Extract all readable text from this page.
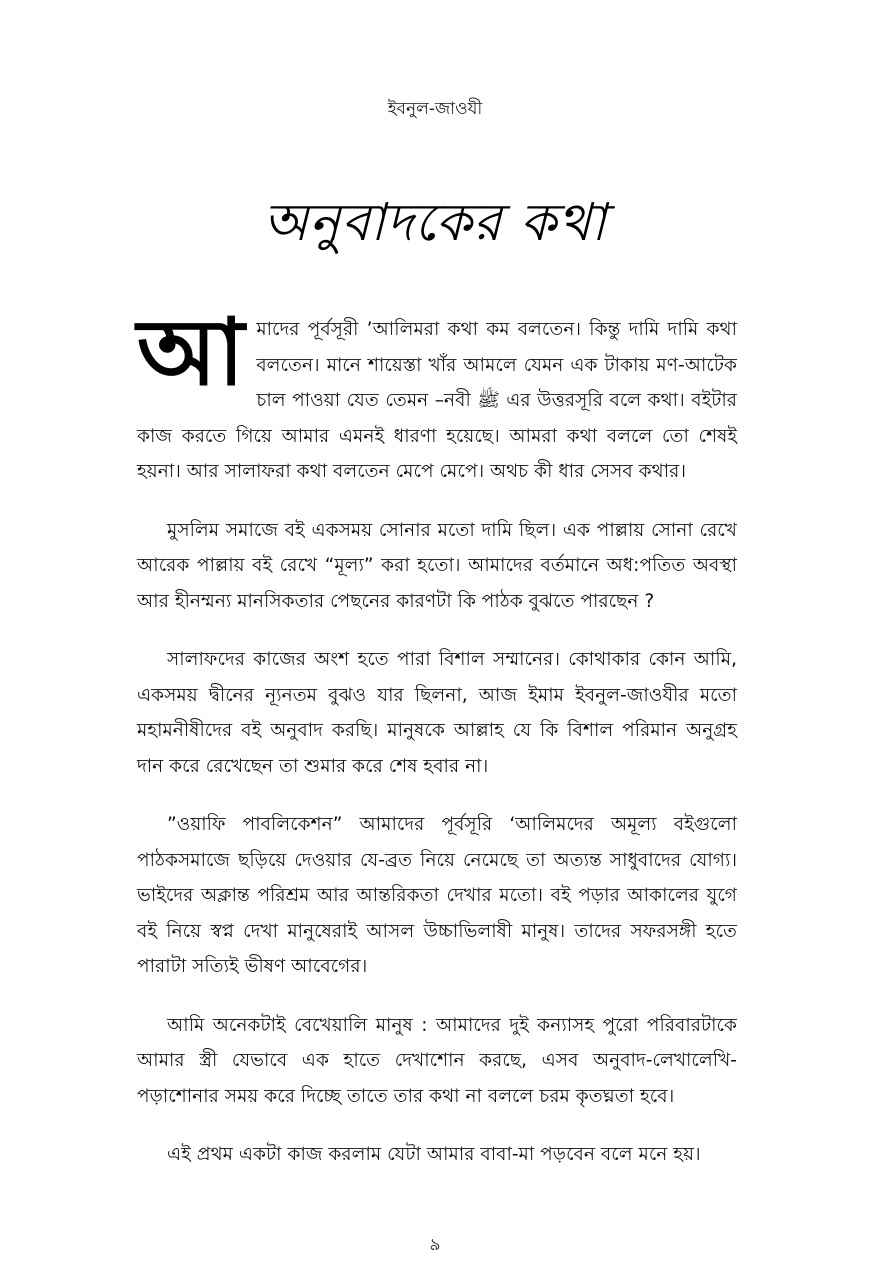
ইবনুল-জাওযী
অনুবাদকের কথা

আমাদের পূর্বসূরী ’আলিমরা কথা কম বলতেন। কিন্তু দামি দামি কথা বলতেন। মানে শায়েস্তা খাঁর আমলে যেমন এক টাকায় মণ-আটেক চাল পাওয়া যেত তেমন –নবী ﷺ এর উত্তরসূরি বলে কথা। বইটার কাজ করতে গিয়ে আমার এমনই ধারণা হয়েছে। আমরা কথা বললে তো শেষই হয়না। আর সালাফরা কথা বলতেন মেপে মেপে। অথচ কী ধার সেসব কথার।

মুসলিম সমাজে বই একসময় সোনার মতো দামি ছিল। এক পাল্লায় সোনা রেখে আরেক পাল্লায় বই রেখে “মূল্য” করা হতো। আমাদের বর্তমানে অধ:পতিত অবস্থা আর হীনম্মন্য মানসিকতার পেছনের কারণটা কি পাঠক বুঝতে পারছেন ?

সালাফদের কাজের অংশ হতে পারা বিশাল সম্মানের। কোথাকার কোন আমি, একসময় দ্বীনের ন্যূনতম বুঝও যার ছিলনা, আজ ইমাম ইবনুল-জাওযীর মতো মহামনীষীদের বই অনুবাদ করছি। মানুষকে আল্লাহ যে কি বিশাল পরিমান অনুগ্রহ দান করে রেখেছেন তা শুমার করে শেষ হবার না।

”ওয়াফি পাবলিকেশন” আমাদের পূর্বসূরি ‘আলিমদের অমূল্য বইগুলো পাঠকসমাজে ছড়িয়ে দেওয়ার যে-ব্রত নিয়ে নেমেছে তা অত্যন্ত সাধুবাদের যোগ্য। ভাইদের অক্লান্ত পরিশ্রম আর আন্তরিকতা দেখার মতো। বই পড়ার আকালের যুগে বই নিয়ে স্বপ্ন দেখা মানুষেরাই আসল উচ্চাভিলাষী মানুষ। তাদের সফরসঙ্গী হতে পারাটা সত্যিই ভীষণ আবেগের।

আমি অনেকটাই বেখেয়ালি মানুষ : আমাদের দুই কন্যাসহ পুরো পরিবারটাকে আমার স্ত্রী যেভাবে এক হাতে দেখাশোন করছে, এসব অনুবাদ-লেখালেখি-পড়াশোনার সময় করে দিচ্ছে তাতে তার কথা না বললে চরম কৃতঘ্নতা হবে।

এই প্রথম একটা কাজ করলাম যেটা আমার বাবা-মা পড়বেন বলে মনে হয়।

৯
